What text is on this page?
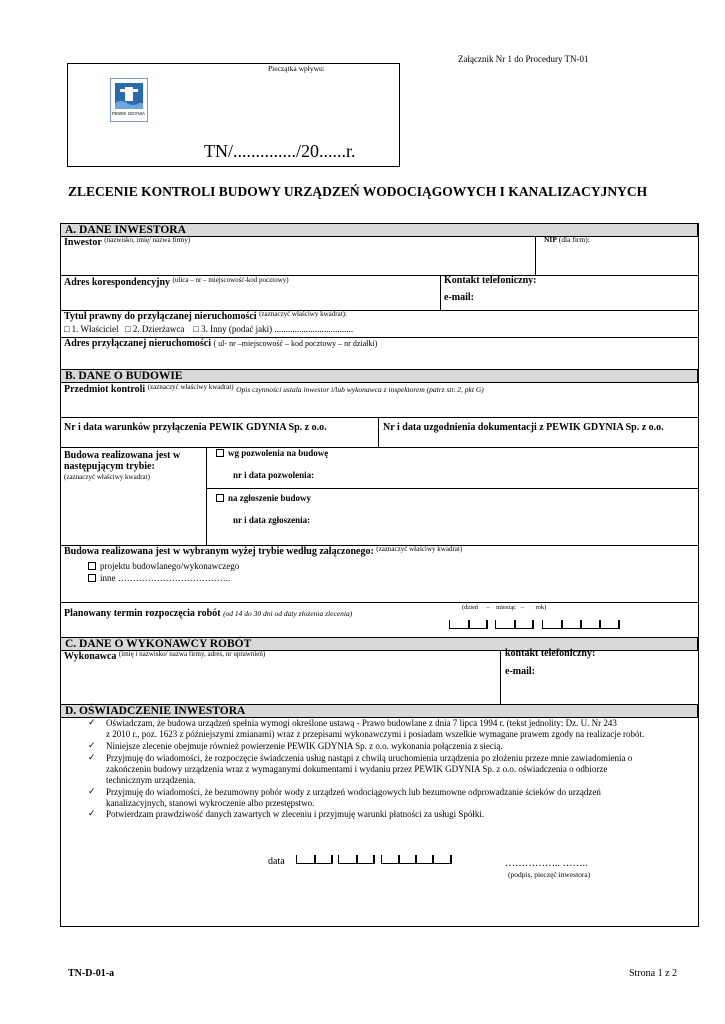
Załącznik Nr 1 do Procedury TN-01
Pieczątka wpływu:
PEWIK GDYNIA
TN/............../20......r.
ZLECENIE KONTROLI BUDOWY URZĄDZEŃ WODOCIĄGOWYCH I KANALIZACYJNYCH
A. DANE INWESTORA
Inwestor $^{(nazwisko, imię/ nazwa firmy)}$	NIP (dla firm):
Adres korespondencyjny $^{(ulica - nr - miejscowość-kod pocztowy)}$	Kontakt telefoniczny:
e-mail:
Tytuł prawny do przyłączanej nieruchomości $^{(zaznaczyć właściwy kwadrat):}$
□ 1. Właściciel   □ 2. Dzierżawca    □ 3. Inny (podać jaki) ...................................
Adres przyłączanej nieruchomości ( ul- nr –miejscowość – kod pocztowy – nr działki)
B. DANE O BUDOWIE
Przedmiot kontroli $^{(zaznaczyć właściwy kwadrat)}$ Opis czynności ustala inwestor i/lub wykonawca z inspektorem (patrz str. 2, pkt G)
Nr i data warunków przyłączenia PEWIK GDYNIA Sp. z o.o.	Nr i data uzgodnienia dokumentacji z PEWIK GDYNIA Sp. z o.o.
Budowa realizowana jest w
następującym trybie:
(zaznaczyć właściwy kwadrat)
wg pozwolenia na budowę
nr i data pozwolenia:
na zgłoszenie budowy
nr i data zgłoszenia:
Budowa realizowana jest w wybranym wyżej trybie według załączonego: $^{(zaznaczyć właściwy kwadrat)}$
projektu budowlanego/wykonawczego
inne ………………………………..
Planowany termin rozpoczęcia robót (od 14 do 30 dni od daty złożenia zlecenia)
(dzień     –    miesiąc   –       rok)
C. DANE O WYKONAWCY ROBÓT
Wykonawca $^{(imię i nazwisko/ nazwa firmy, adres, nr uprawnień)}$	kontakt telefoniczny:
e-mail:
D. OŚWIADCZENIE INWESTORA
✓ Oświadczam, że budowa urządzeń spełnia wymogi określone ustawą - Prawo budowlane z dnia 7 lipca 1994 r. (tekst jednolity: Dz. U. Nr 243
z 2010 r., poz. 1623 z późniejszymi zmianami) wraz z przepisami wykonawczymi i posiadam wszelkie wymagane prawem zgody na realizacje robót.
✓ Niniejsze zlecenie obejmuje również powierzenie PEWIK GDYNIA Sp. z o.o. wykonania połączenia z siecią.
✓ Przyjmuję do wiadomości, że rozpoczęcie świadczenia usług nastąpi z chwilą uruchomienia urządzenia po złożeniu przeze mnie zawiadomienia o
zakończeniu budowy urządzenia wraz z wymaganymi dokumentami i wydaniu przez PEWIK GDYNIA Sp. z o.o. oświadczenia o odbiorze
technicznym urządzenia.
✓ Przyjmuję do wiadomości, że bezumowny pobór wody z urządzeń wodociągowych lub bezumowne odprowadzanie ścieków do urządzeń
kanalizacyjnych, stanowi wykroczenie albo przestępstwo.
✓ Potwierdzam prawdziwość danych zawartych w zleceniu i przyjmuję warunki płatności za usługi Spółki.
data	…………….. ……..
(podpis, pieczęć inwestora)
TN-D-01-a	Strona 1 z 2
